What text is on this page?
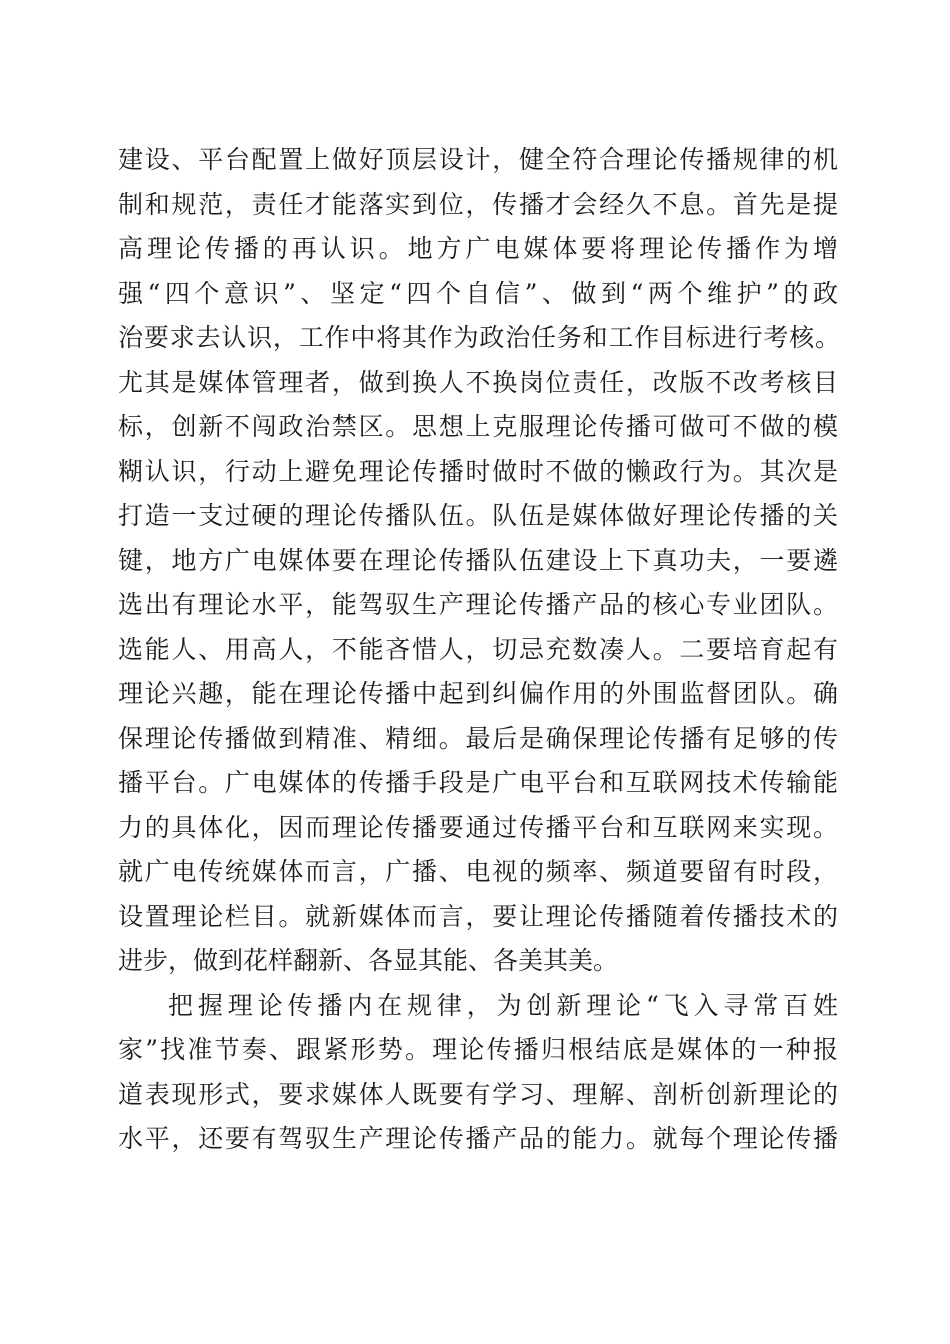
建设、平台配置上做好顶层设计，健全符合理论传播规律的机
制和规范，责任才能落实到位，传播才会经久不息。首先是提
高理论传播的再认识。地方广电媒体要将理论传播作为增
强“四个意识”、坚定“四个自信”、做到“两个维护”的政
治要求去认识，工作中将其作为政治任务和工作目标进行考核。
尤其是媒体管理者，做到换人不换岗位责任，改版不改考核目
标，创新不闯政治禁区。思想上克服理论传播可做可不做的模
糊认识，行动上避免理论传播时做时不做的懒政行为。其次是
打造一支过硬的理论传播队伍。队伍是媒体做好理论传播的关
键，地方广电媒体要在理论传播队伍建设上下真功夫，一要遴
选出有理论水平，能驾驭生产理论传播产品的核心专业团队。
选能人、用高人，不能吝惜人，切忌充数凑人。二要培育起有
理论兴趣，能在理论传播中起到纠偏作用的外围监督团队。确
保理论传播做到精准、精细。最后是确保理论传播有足够的传
播平台。广电媒体的传播手段是广电平台和互联网技术传输能
力的具体化，因而理论传播要通过传播平台和互联网来实现。
就广电传统媒体而言，广播、电视的频率、频道要留有时段，
设置理论栏目。就新媒体而言，要让理论传播随着传播技术的
进步，做到花样翻新、各显其能、各美其美。
把握理论传播内在规律，为创新理论“飞入寻常百姓
家”找准节奏、跟紧形势。理论传播归根结底是媒体的一种报
道表现形式，要求媒体人既要有学习、理解、剖析创新理论的
水平，还要有驾驭生产理论传播产品的能力。就每个理论传播
